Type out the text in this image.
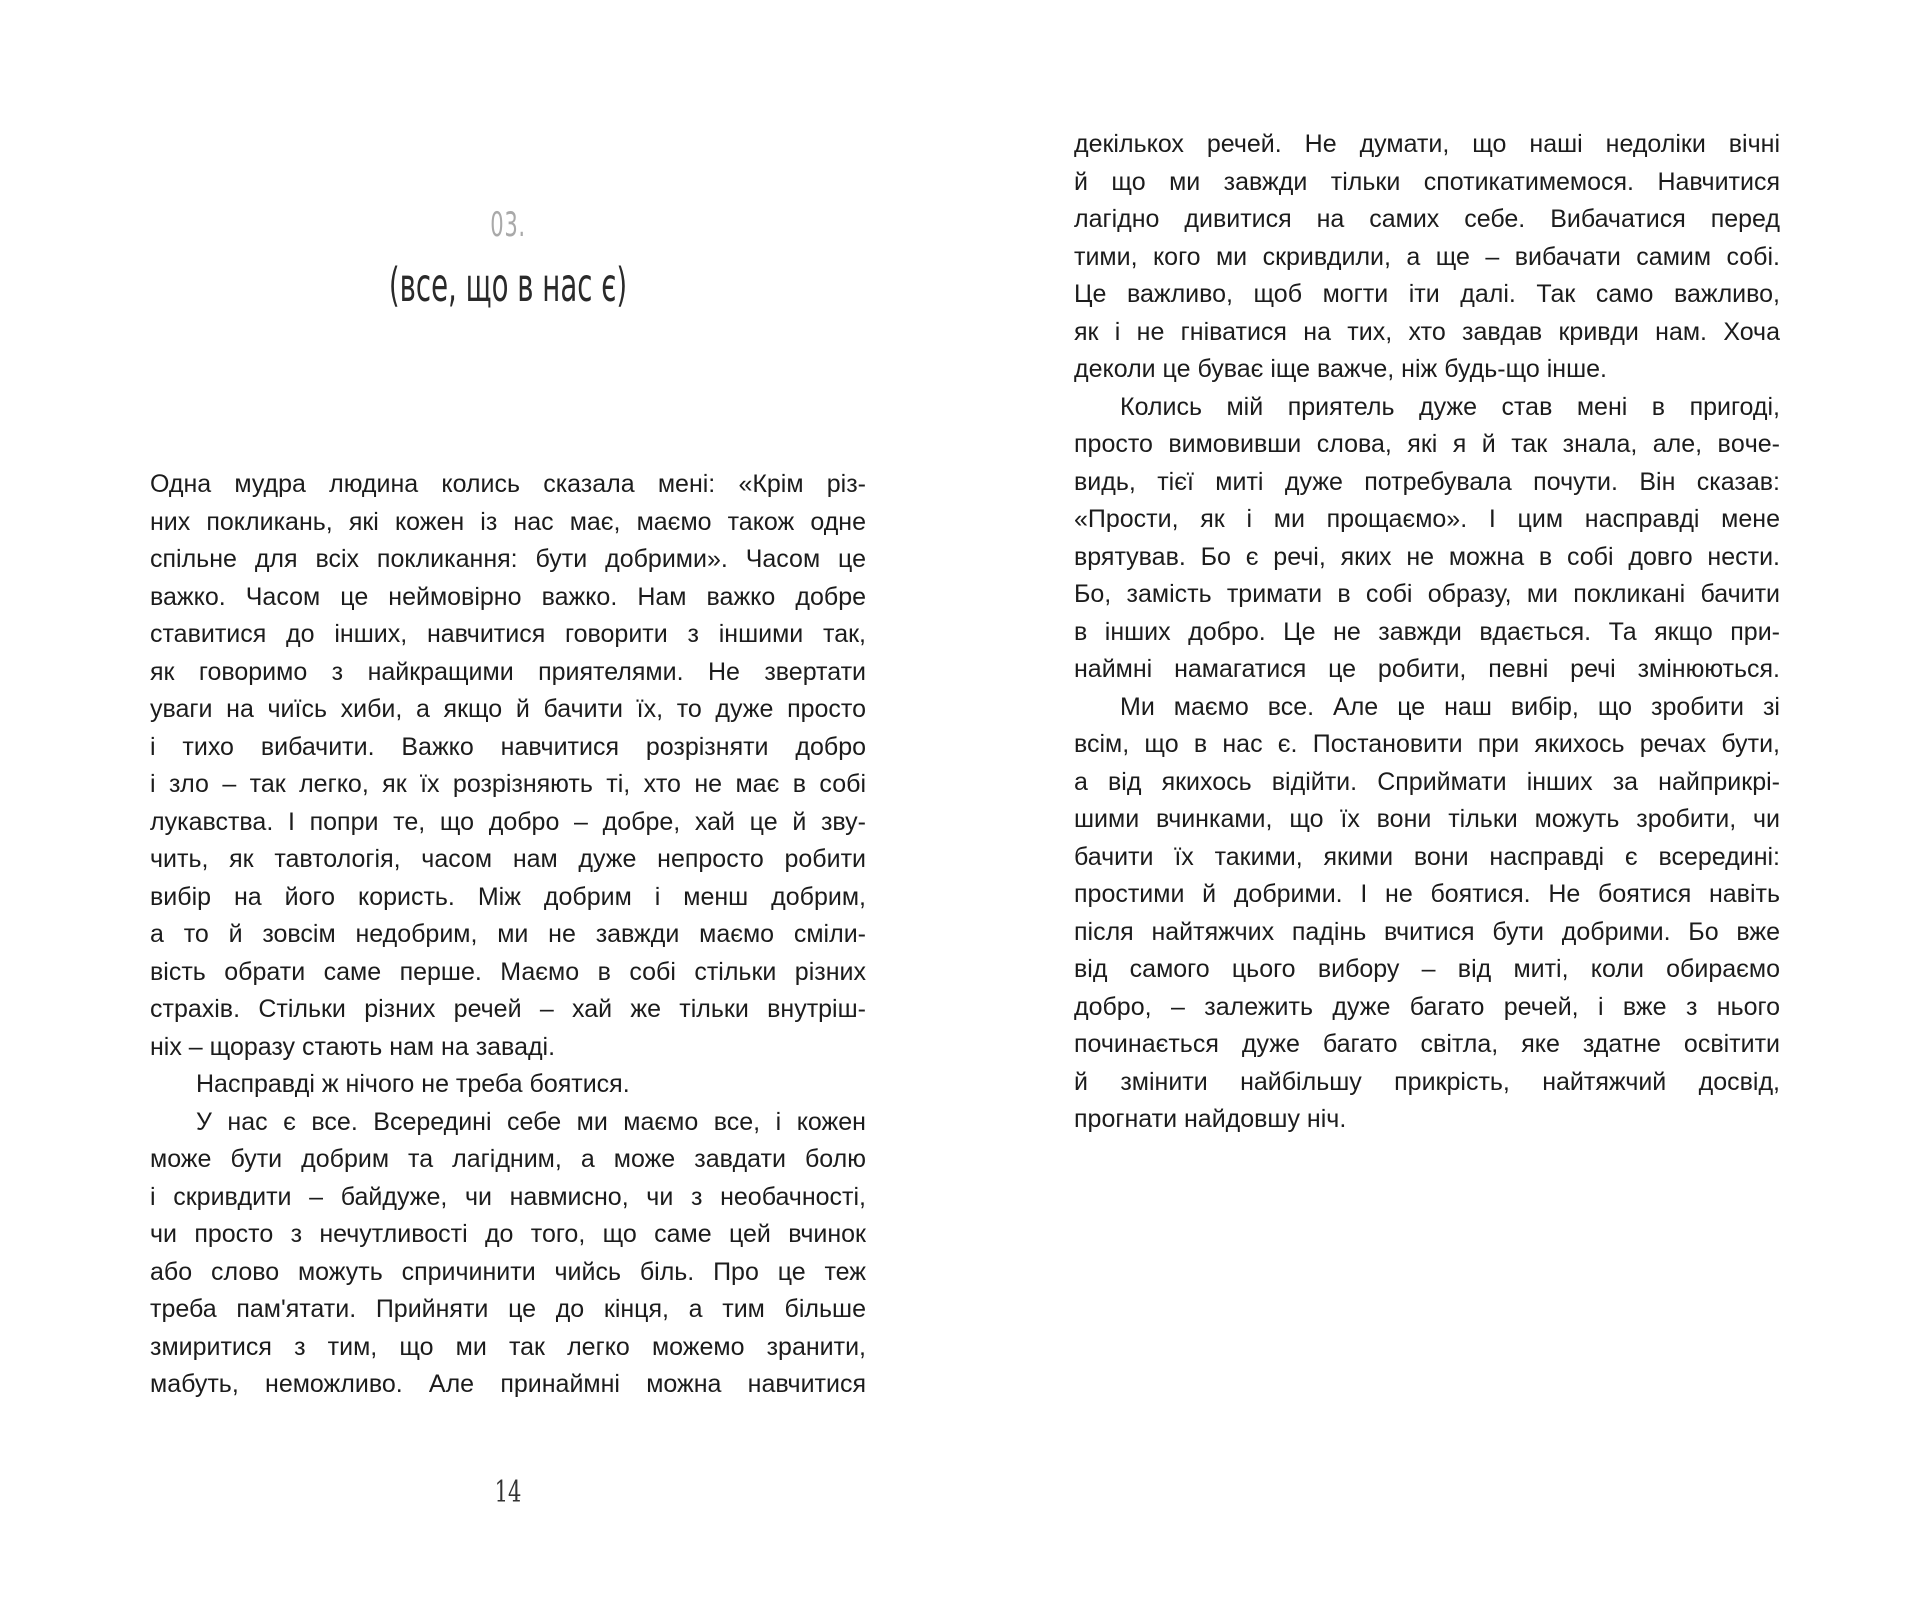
03.
(все, що в нас є)
Одна мудра людина колись сказала мені: «Крім різ-
них покликань, які кожен із нас має, маємо також одне
спільне для всіх покликання: бути добрими». Часом це
важко. Часом це неймовірно важко. Нам важко добре
ставитися до інших, навчитися говорити з іншими так,
як говоримо з найкращими приятелями. Не звертати
уваги на чиїсь хиби, а якщо й бачити їх, то дуже просто
і тихо вибачити. Важко навчитися розрізняти добро
і зло – так легко, як їх розрізняють ті, хто не має в собі
лукавства. І попри те, що добро – добре, хай це й зву-
чить, як тавтологія, часом нам дуже непросто робити
вибір на його користь. Між добрим і менш добрим,
а то й зовсім недобрим, ми не завжди маємо сміли-
вість обрати саме перше. Маємо в собі стільки різних
страхів. Стільки різних речей – хай же тільки внутріш-
ніх – щоразу стають нам на заваді.
Насправді ж нічого не треба боятися.
У нас є все. Всередині себе ми маємо все, і кожен
може бути добрим та лагідним, а може завдати болю
і скривдити – байдуже, чи навмисно, чи з необачності,
чи просто з нечутливості до того, що саме цей вчинок
або слово можуть спричинити чийсь біль. Про це теж
треба пам'ятати. Прийняти це до кінця, а тим більше
змиритися з тим, що ми так легко можемо зранити,
мабуть, неможливо. Але принаймні можна навчитися
14
декількох речей. Не думати, що наші недоліки вічні
й що ми завжди тільки спотикатимемося. Навчитися
лагідно дивитися на самих себе. Вибачатися перед
тими, кого ми скривдили, а ще – вибачати самим собі.
Це важливо, щоб могти іти далі. Так само важливо,
як і не гніватися на тих, хто завдав кривди нам. Хоча
деколи це буває іще важче, ніж будь-що інше.
Колись мій приятель дуже став мені в пригоді,
просто вимовивши слова, які я й так знала, але, вoче-
видь, тієї миті дуже потребувала почути. Він сказав:
«Прости, як і ми прощаємо». І цим насправді мене
врятував. Бо є речі, яких не можна в собі довго нести.
Бо, замість тримати в собі образу, ми покликані бачити
в інших добро. Це не завжди вдається. Та якщо при-
наймні намагатися це робити, певні речі змінюються.
Ми маємо все. Але це наш вибір, що зробити зі
всім, що в нас є. Постановити при якихось речах бути,
а від якихось відійти. Сприймати інших за найприкрі-
шими вчинками, що їх вони тільки можуть зробити, чи
бачити їх такими, якими вони насправді є всередині:
простими й добрими. І не боятися. Не боятися навіть
після найтяжчих падінь вчитися бути добрими. Бо вже
від самого цього вибору – від миті, коли обираємо
добро, – залежить дуже багато речей, і вже з нього
починається дуже багато світла, яке здатне освітити
й змінити найбільшу прикрість, найтяжчий досвід,
прогнати найдовшу ніч.
